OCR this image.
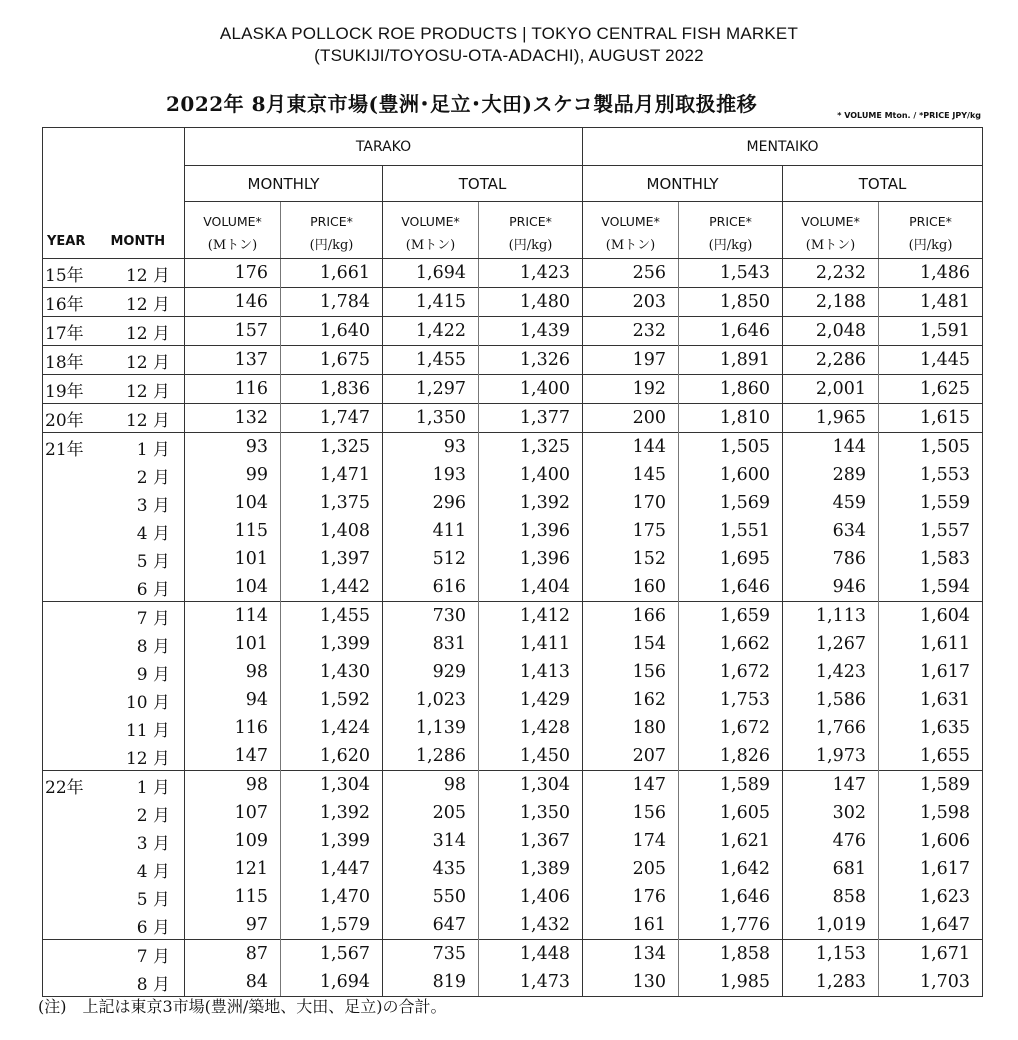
ALASKA POLLOCK ROE PRODUCTS | TOKYO CENTRAL FISH MARKET
(TSUKIJI/TOYOSU-OTA-ADACHI), AUGUST 2022
2022年 8月東京市場(豊洲･足立･大田)スケコ製品月別取扱推移	* VOLUME Mton. / *PRICE JPY/kg
		TARAKO				MENTAIKO			
		MONTHLY		TOTAL		MONTHLY		TOTAL	
		VOLUME*	PRICE*	VOLUME*	PRICE*	VOLUME*	PRICE*	VOLUME*	PRICE*
YEAR	MONTH	(Mトン)	(円/kg)	(Mトン)	(円/kg)	(Mトン)	(円/kg)	(Mトン)	(円/kg)
15年	12 月	176	1,661	1,694	1,423	256	1,543	2,232	1,486
16年	12 月	146	1,784	1,415	1,480	203	1,850	2,188	1,481
17年	12 月	157	1,640	1,422	1,439	232	1,646	2,048	1,591
18年	12 月	137	1,675	1,455	1,326	197	1,891	2,286	1,445
19年	12 月	116	1,836	1,297	1,400	192	1,860	2,001	1,625
20年	12 月	132	1,747	1,350	1,377	200	1,810	1,965	1,615
21年	1 月	93	1,325	93	1,325	144	1,505	144	1,505
	2 月	99	1,471	193	1,400	145	1,600	289	1,553
	3 月	104	1,375	296	1,392	170	1,569	459	1,559
	4 月	115	1,408	411	1,396	175	1,551	634	1,557
	5 月	101	1,397	512	1,396	152	1,695	786	1,583
	6 月	104	1,442	616	1,404	160	1,646	946	1,594
	7 月	114	1,455	730	1,412	166	1,659	1,113	1,604
	8 月	101	1,399	831	1,411	154	1,662	1,267	1,611
	9 月	98	1,430	929	1,413	156	1,672	1,423	1,617
	10 月	94	1,592	1,023	1,429	162	1,753	1,586	1,631
	11 月	116	1,424	1,139	1,428	180	1,672	1,766	1,635
	12 月	147	1,620	1,286	1,450	207	1,826	1,973	1,655
22年	1 月	98	1,304	98	1,304	147	1,589	147	1,589
	2 月	107	1,392	205	1,350	156	1,605	302	1,598
	3 月	109	1,399	314	1,367	174	1,621	476	1,606
	4 月	121	1,447	435	1,389	205	1,642	681	1,617
	5 月	115	1,470	550	1,406	176	1,646	858	1,623
	6 月	97	1,579	647	1,432	161	1,776	1,019	1,647
	7 月	87	1,567	735	1,448	134	1,858	1,153	1,671
	8 月	84	1,694	819	1,473	130	1,985	1,283	1,703
(注)　上記は東京3市場(豊洲/築地、大田、足立)の合計。
